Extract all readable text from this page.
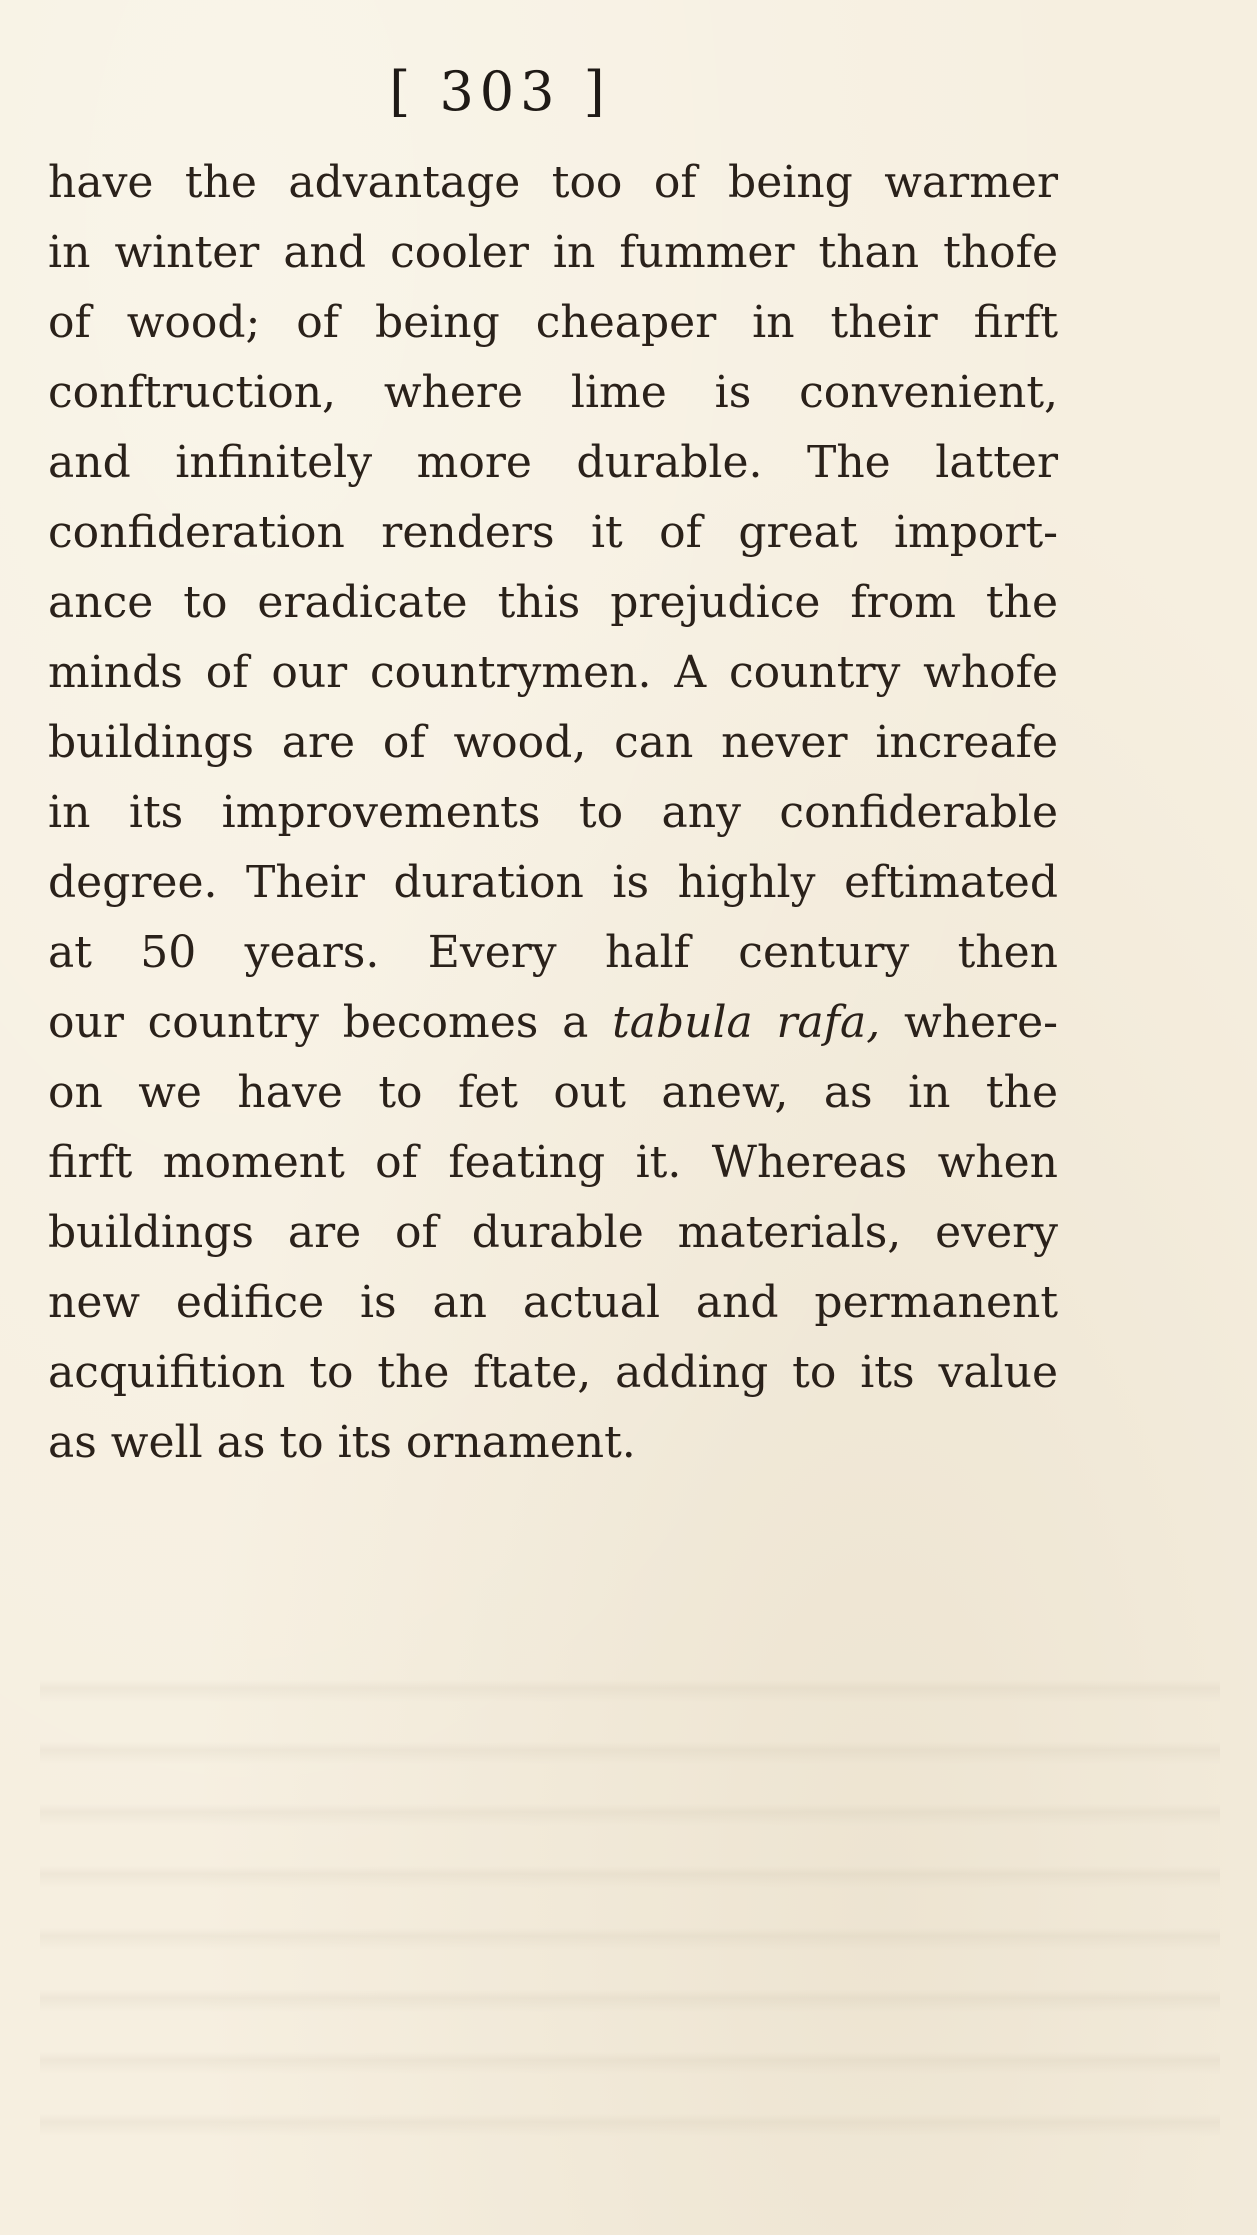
[ 303 ]
have the advantage too of being warmer
in winter and cooler in fummer than thofe
of wood; of being cheaper in their firft
conftruction, where lime is convenient,
and infinitely more durable. The latter
confideration renders it of great import-
ance to eradicate this prejudice from the
minds of our countrymen. A country whofe
buildings are of wood, can never increafe
in its improvements to any confiderable
degree. Their duration is highly eftimated
at 50 years. Every half century then
our country becomes a tabula rafa, where-
on we have to fet out anew, as in the
firft moment of feating it. Whereas when
buildings are of durable materials, every
new edifice is an actual and permanent
acquifition to the ftate, adding to its value
as well as to its ornament.
